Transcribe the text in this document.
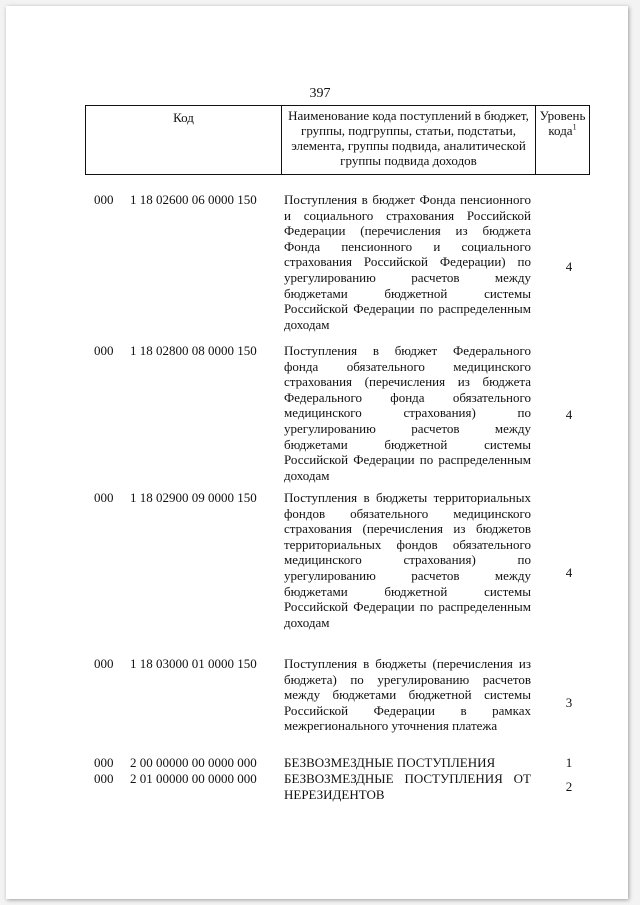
397
Код	Наименование кода поступлений в бюджет, группы, подгруппы, статьи, подстатьи, элемента, группы подвида, аналитической группы подвида доходов
Уровень кода$^1$
000 1 18 02600 06 0000 150 Поступления в бюджет Фонда пенсионного и социального страхования Российской Федерации (перечисления из бюджета Фонда пенсионного и социального страхования Российской Федерации) по урегулированию расчетов между бюджетами бюджетной системы Российской Федерации по распределенным доходам
4
000 1 18 02800 08 0000 150 Поступления в бюджет Федерального фонда обязательного медицинского страхования (перечисления из бюджета Федерального фонда обязательного медицинского страхования) по урегулированию расчетов между бюджетами бюджетной системы Российской Федерации по распределенным доходам
4
000 1 18 02900 09 0000 150 Поступления в бюджеты территориальных фондов обязательного медицинского страхования (перечисления из бюджетов территориальных фондов обязательного медицинского страхования) по урегулированию расчетов между бюджетами бюджетной системы Российской Федерации по распределенным доходам
4
000 1 18 03000 01 0000 150 Поступления в бюджеты (перечисления из бюджета) по урегулированию расчетов между бюджетами бюджетной системы Российской Федерации в рамках межрегионального уточнения платежа
3
000 2 00 00000 00 0000 000 БЕЗВОЗМЕЗДНЫЕ ПОСТУПЛЕНИЯ	1
000 2 01 00000 00 0000 000 БЕЗВОЗМЕЗДНЫЕ ПОСТУПЛЕНИЯ ОТ НЕРЕЗИДЕНТОВ
2
